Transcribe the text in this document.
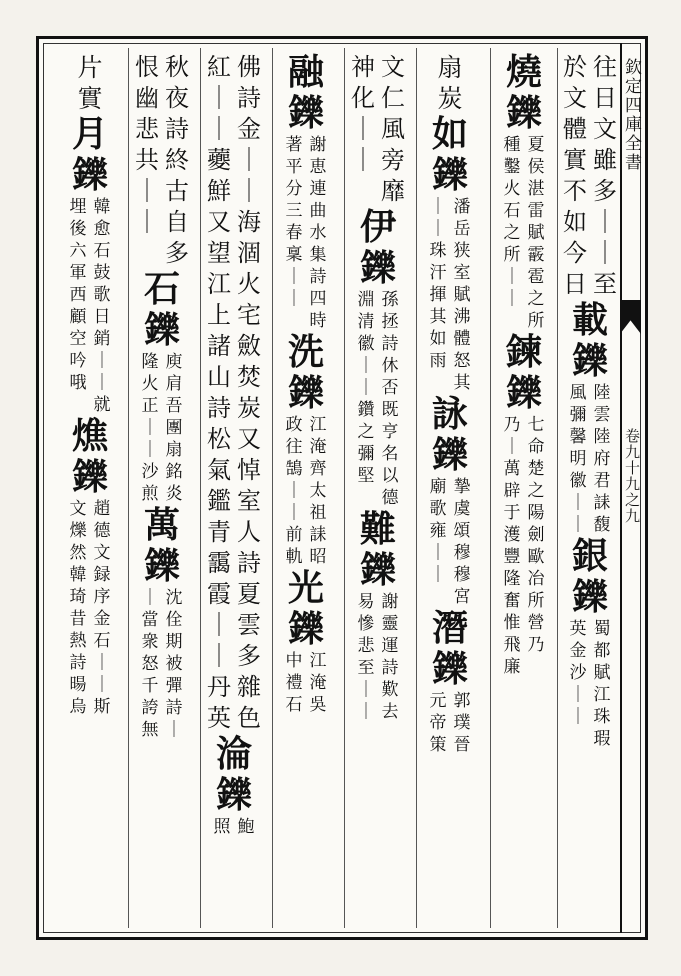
欽定四庫全書
卷九十九之九
往日文雖多｜｜至
於文體實不如今日
載鑠
陸雲陸府君誄馥
風彌馨明徽｜｜
銀鑠
蜀都賦江珠瑕
英金沙｜｜
燒鑠
夏侯湛雷賦霰雹之所
種鑿火石之所｜｜
鍊鑠
七命楚之陽劍歐冶所營乃
乃｜萬辟于濩豐隆奮惟飛廉
扇炭
如鑠
潘岳狭室賦沸體怒其
｜｜珠汗揮其如雨
詠鑠
摯虞頌穆穆宮
廟歌雍｜｜
潛鑠
郭璞晉
元帝策
文仁風旁靡
神化｜｜
伊鑠
孫拯詩休否既亨名以德
淵清徽｜｜鑽之彌堅
難鑠
謝靈運詩歎去
易慘悲至｜｜
融鑠
謝恵連曲水集詩四時
著平分三春稟｜｜
洗鑠
江淹齊太祖誄昭
政往鵠｜｜前軌
光鑠
江淹吳
中禮石
佛詩金｜｜海涸火宅斂焚炭又悼室人詩夏雲多雜色
紅｜｜虁鮮又望江上諸山詩松氣鑑青靄霞｜｜丹英
淪鑠
鮑
照
秋夜詩終古自多
恨幽悲共｜｜
石鑠
庾肩吾團扇銘炎
隆火正｜｜沙煎
萬鑠
沈佺期被彈詩｜
｜當衆怒千誇無
片實
月鑠
韓愈石鼓歌日銷｜｜就
埋後六軍西顧空吟哦
燋鑠
趙德文録序金石｜｜斯
文爍然韓琦昔熱詩暘烏
